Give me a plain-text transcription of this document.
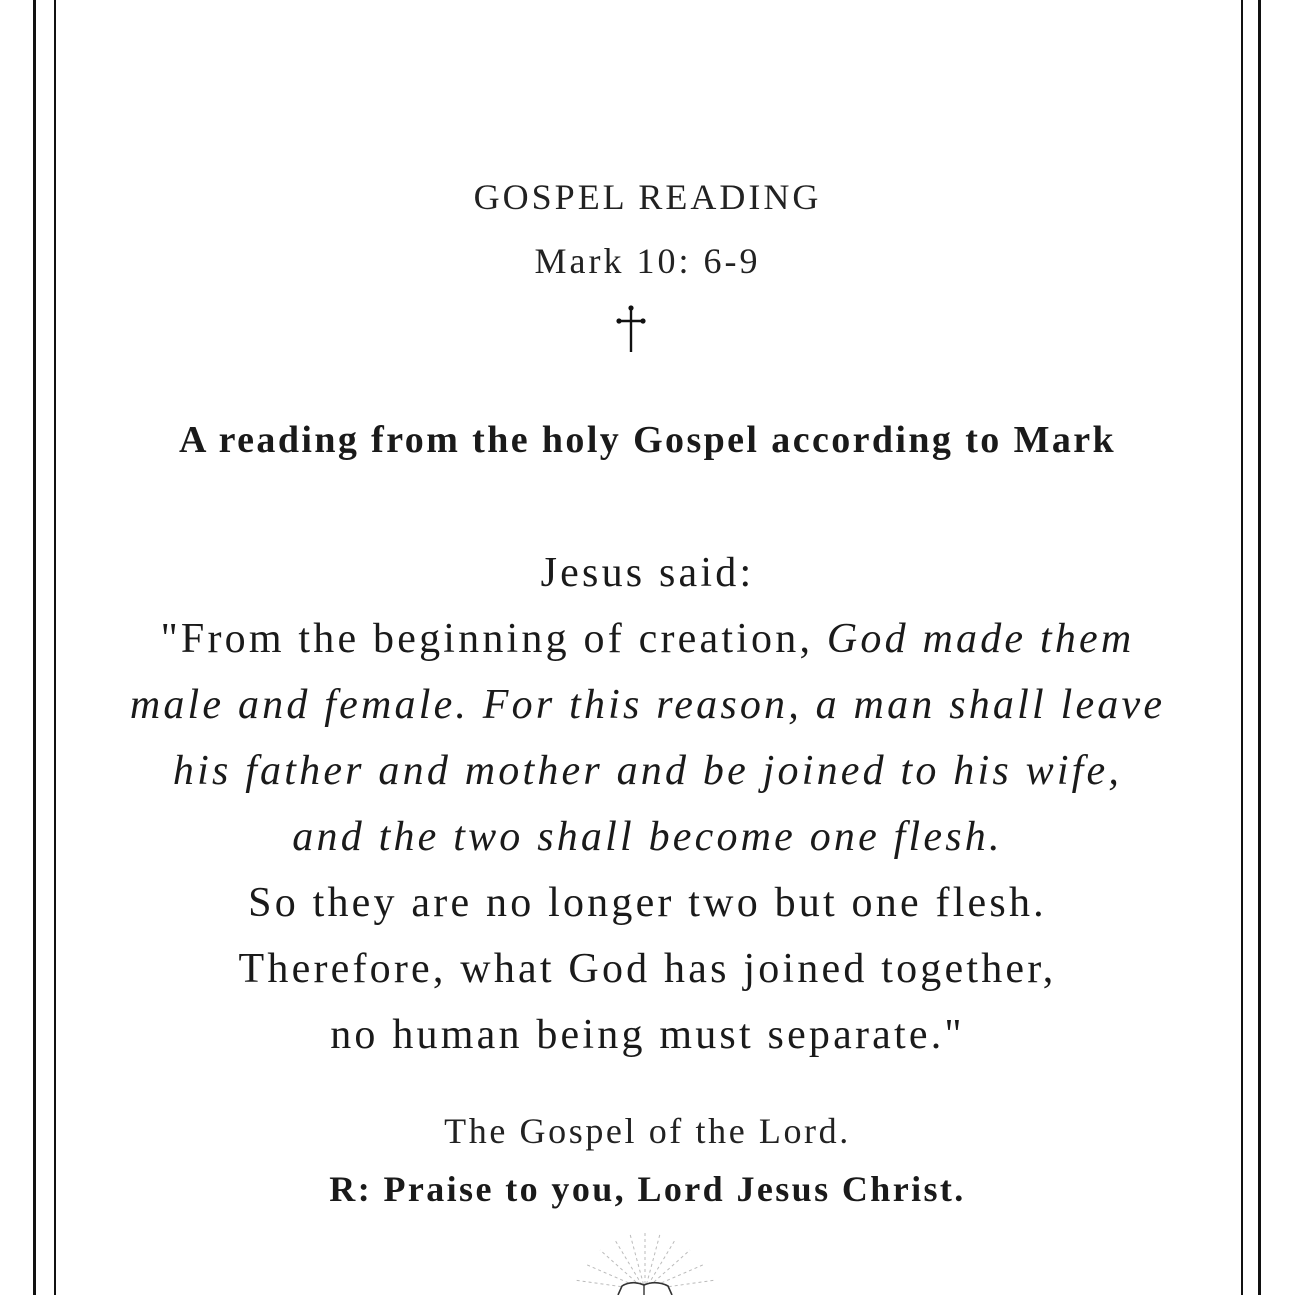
GOSPEL READING
Mark 10: 6-9
A reading from the holy Gospel according to Mark
Jesus said:
"From the beginning of creation, God made them
male and female. For this reason, a man shall leave
his father and mother and be joined to his wife,
and the two shall become one flesh.
So they are no longer two but one flesh.
Therefore, what God has joined together,
no human being must separate."
The Gospel of the Lord.
R: Praise to you, Lord Jesus Christ.
